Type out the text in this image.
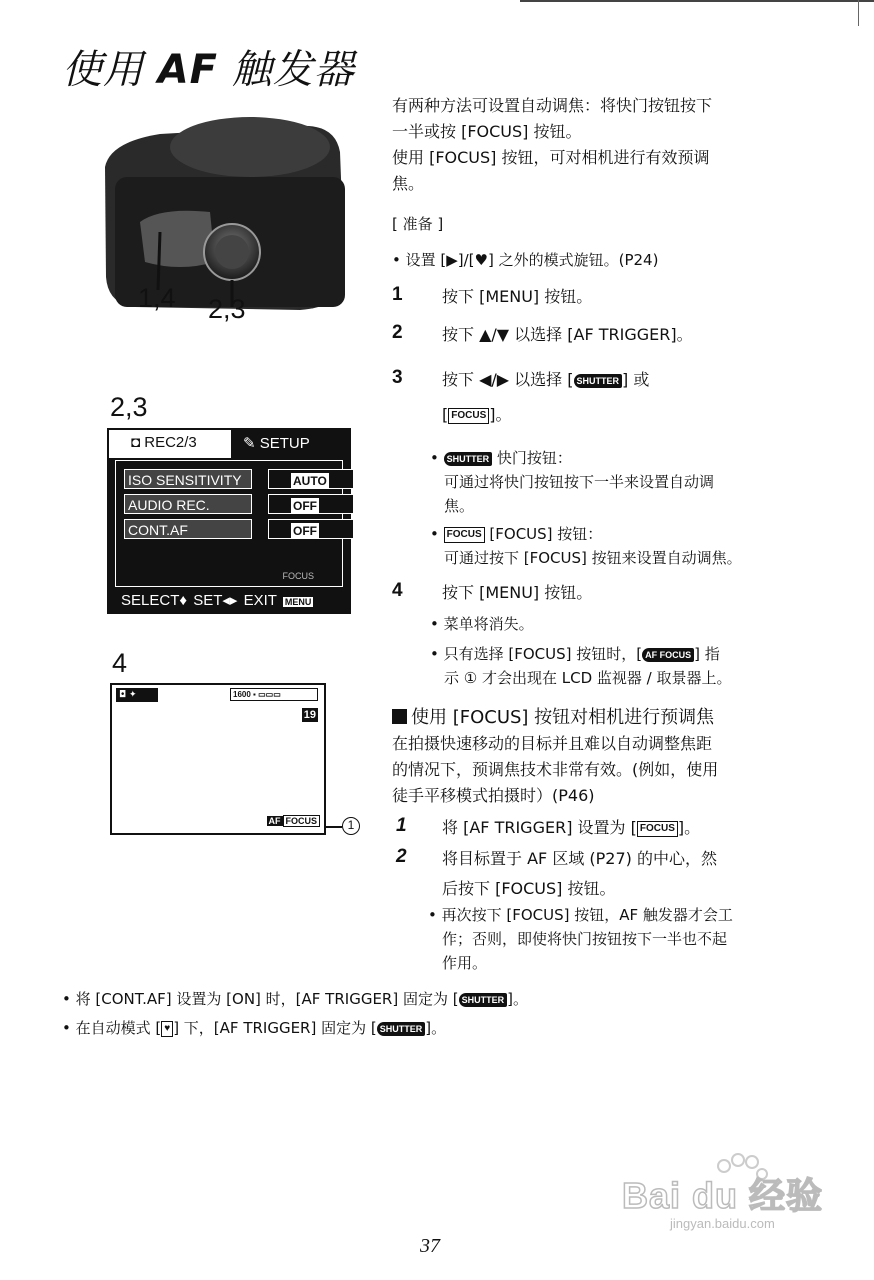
使用 AF 触发器
1,4 2,3
2,3
◘ REC2/3	✎ SETUP
ISO SENSITIVITY	AUTO
AUDIO REC.	OFF
CONT.AF	OFF
FOCUS
SELECT♦ SET◂▸ EXIT MENU
4
◘ ✦	1600 ▪ ▭▭▭
19
AF FOCUS	1
有两种方法可设置自动调焦：将快门按钮按下
一半或按 [FOCUS] 按钮。
使用 [FOCUS] 按钮，可对相机进行有效预调
焦。
[ 准备 ]
• 设置 [▶]/[♥] 之外的模式旋钮。(P24)
1 按下 [MENU] 按钮。
2 按下 ▲/▼ 以选择 [AF TRIGGER]。
3 按下 ◀/▶ 以选择 [ SHUTTER ] 或
[ FOCUS ]。
• SHUTTER 快门按钮：
可通过将快门按钮按下一半来设置自动调
焦。
• FOCUS [FOCUS] 按钮：
可通过按下 [FOCUS] 按钮来设置自动调焦。
4 按下 [MENU] 按钮。
• 菜单将消失。
• 只有选择 [FOCUS] 按钮时，[ AF FOCUS ] 指
示 ① 才会出现在 LCD 监视器 / 取景器上。
使用 [FOCUS] 按钮对相机进行预调焦
在拍摄快速移动的目标并且难以自动调整焦距
的情况下，预调焦技术非常有效。(例如，使用
徒手平移模式拍摄时）(P46)
1 将 [AF TRIGGER] 设置为 [ FOCUS ]。
2 将目标置于 AF 区域 (P27) 的中心，然
后按下 [FOCUS] 按钮。
• 再次按下 [FOCUS] 按钮，AF 触发器才会工
作；否则，即使将快门按钮按下一半也不起
作用。
• 将 [CONT.AF] 设置为 [ON] 时，[AF TRIGGER] 固定为 [ SHUTTER ]。
• 在自动模式 [ ♥ ] 下，[AF TRIGGER] 固定为 [ SHUTTER ]。
Bai du 经验
jingyan.baidu.com
37
